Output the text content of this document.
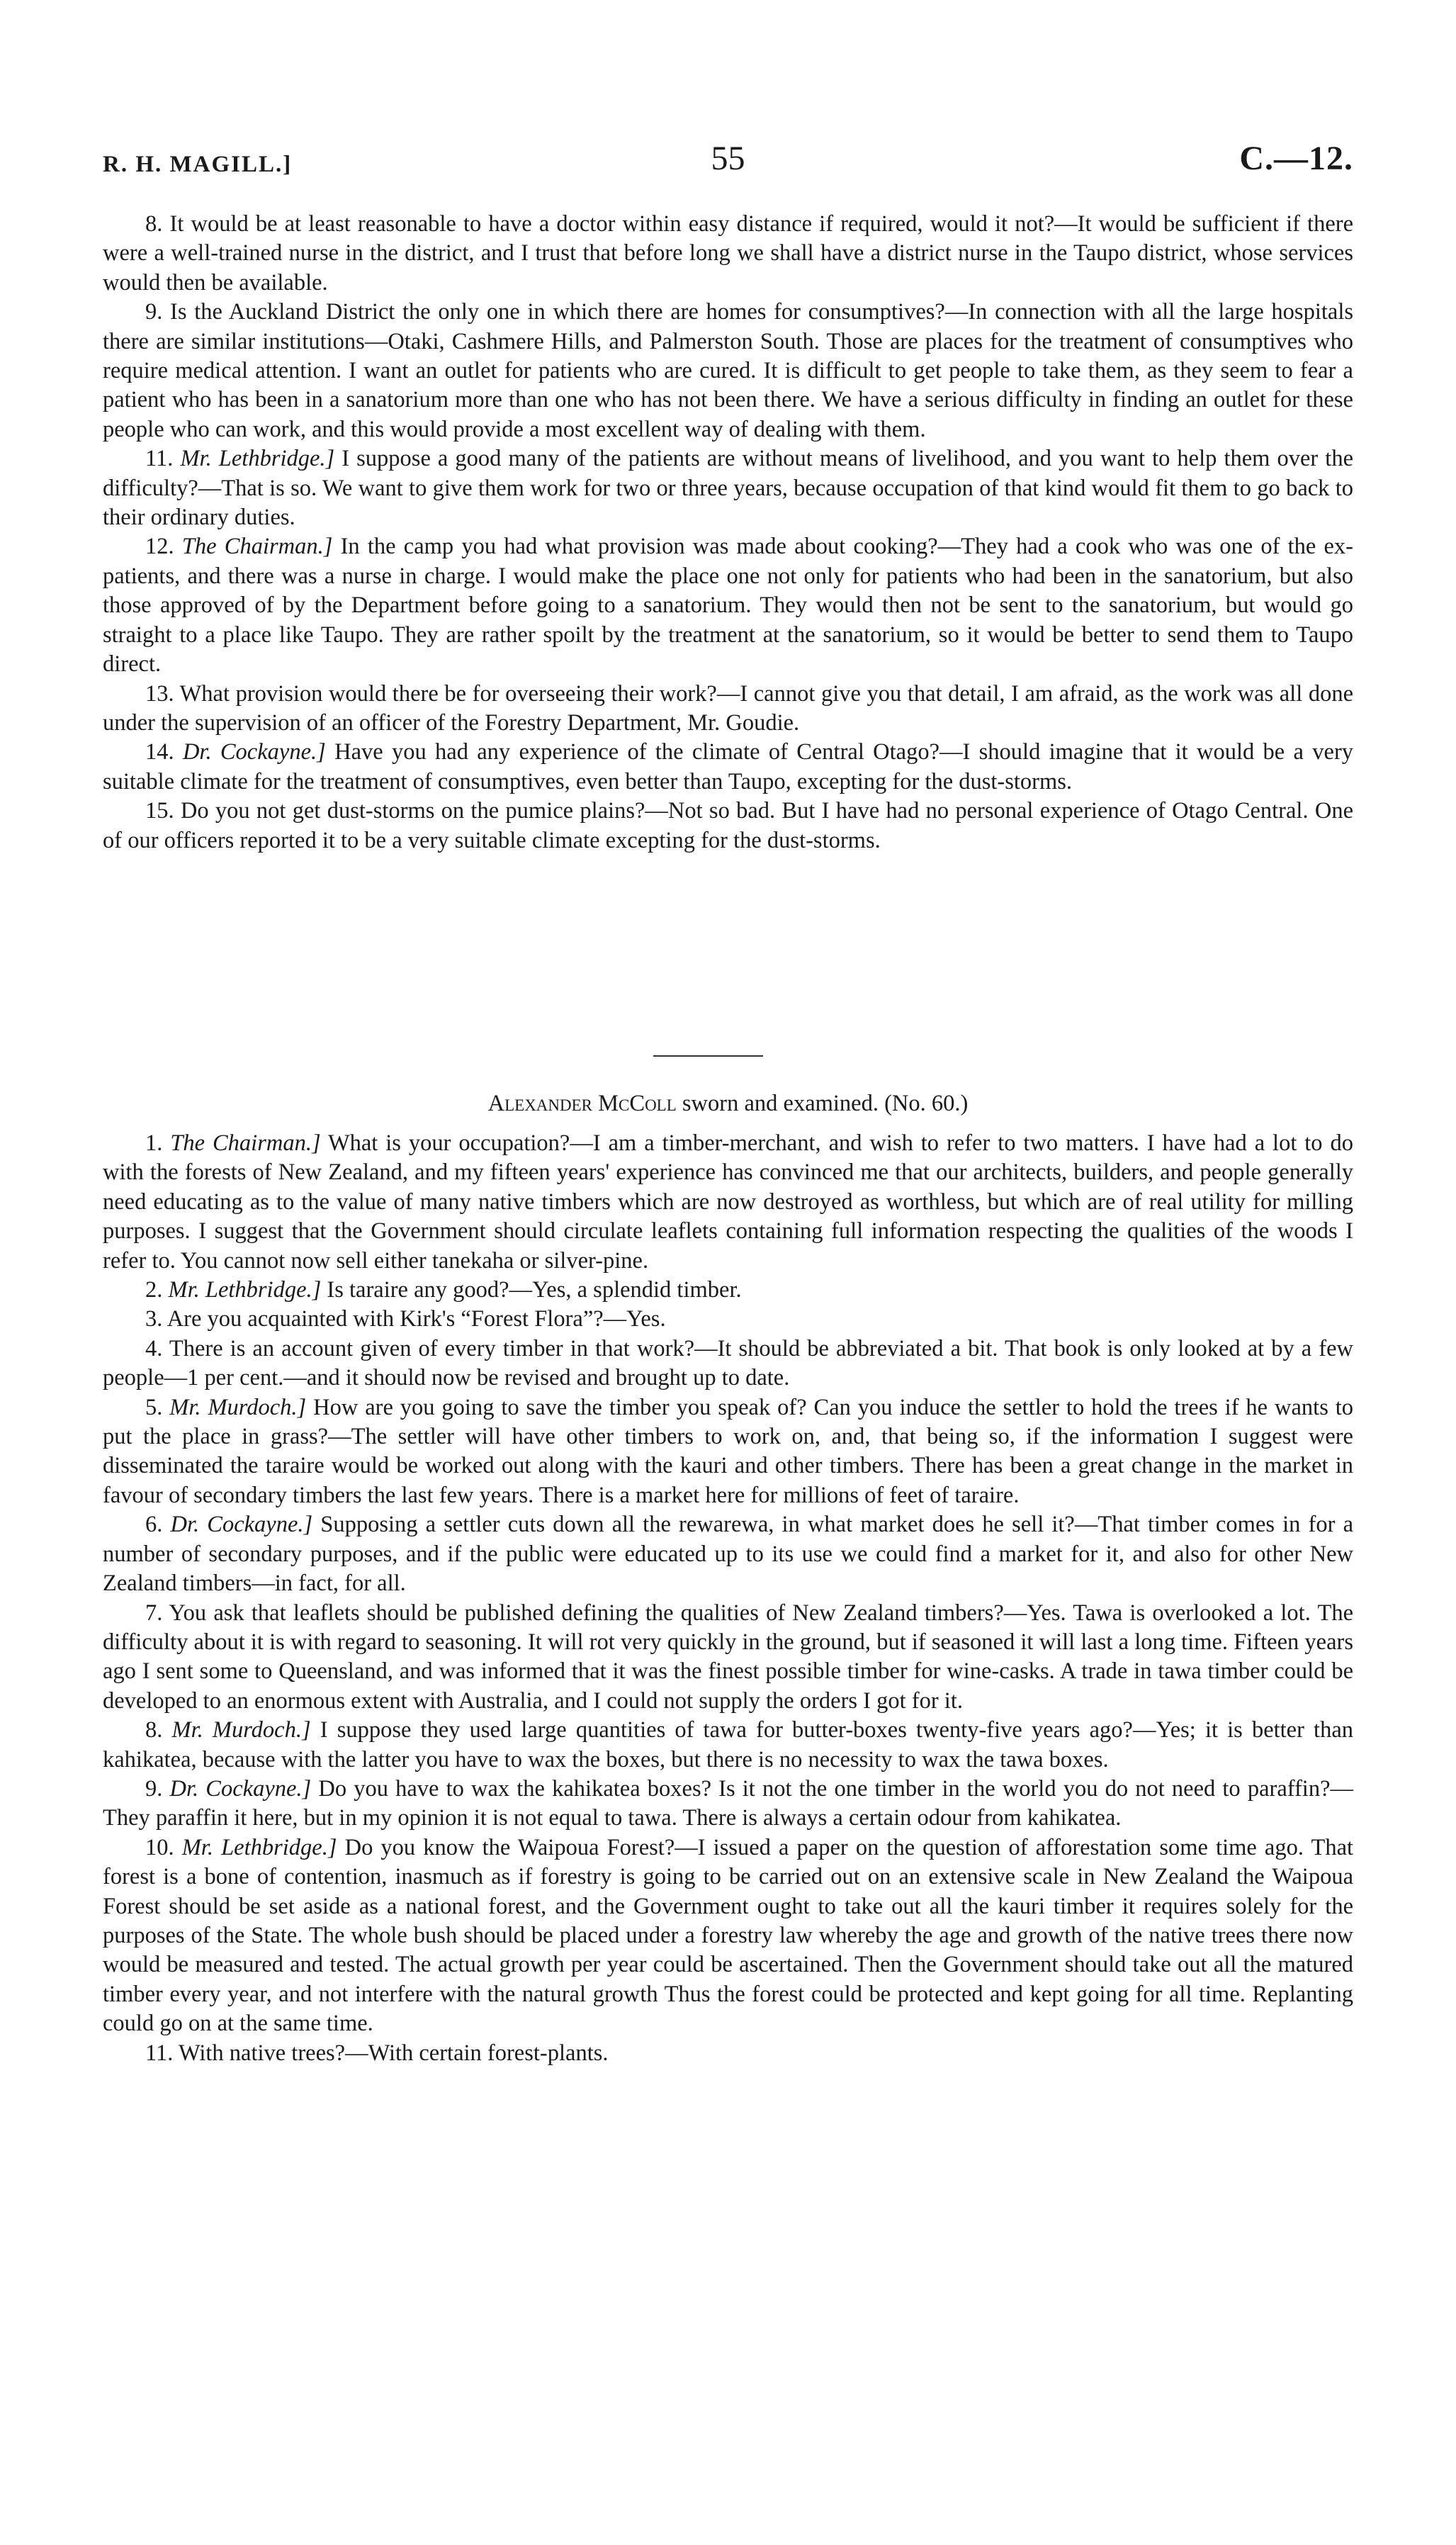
R. H. MAGILL.]	55	C.—12.

8. It would be at least reasonable to have a doctor within easy distance if required, would it not?—It would be sufficient if there were a well-trained nurse in the district, and I trust that before long we shall have a district nurse in the Taupo district, whose services would then be available.

9. Is the Auckland District the only one in which there are homes for consumptives?—In connection with all the large hospitals there are similar institutions—Otaki, Cashmere Hills, and Palmerston South. Those are places for the treatment of consumptives who require medical attention. I want an outlet for patients who are cured. It is difficult to get people to take them, as they seem to fear a patient who has been in a sanatorium more than one who has not been there. We have a serious difficulty in finding an outlet for these people who can work, and this would provide a most excellent way of dealing with them.

11. Mr. Lethbridge.] I suppose a good many of the patients are without means of livelihood, and you want to help them over the difficulty?—That is so. We want to give them work for two or three years, because occupation of that kind would fit them to go back to their ordinary duties.

12. The Chairman.] In the camp you had what provision was made about cooking?—They had a cook who was one of the ex-patients, and there was a nurse in charge. I would make the place one not only for patients who had been in the sanatorium, but also those approved of by the Department before going to a sanatorium. They would then not be sent to the sanatorium, but would go straight to a place like Taupo. They are rather spoilt by the treatment at the sanatorium, so it would be better to send them to Taupo direct.

13. What provision would there be for overseeing their work?—I cannot give you that detail, I am afraid, as the work was all done under the supervision of an officer of the Forestry Department, Mr. Goudie.

14. Dr. Cockayne.] Have you had any experience of the climate of Central Otago?—I should imagine that it would be a very suitable climate for the treatment of consumptives, even better than Taupo, excepting for the dust-storms.

15. Do you not get dust-storms on the pumice plains?—Not so bad. But I have had no personal experience of Otago Central. One of our officers reported it to be a very suitable climate excepting for the dust-storms.

Alexander McColl sworn and examined. (No. 60.)

1. The Chairman.] What is your occupation?—I am a timber-merchant, and wish to refer to two matters. I have had a lot to do with the forests of New Zealand, and my fifteen years' experience has convinced me that our architects, builders, and people generally need educating as to the value of many native timbers which are now destroyed as worthless, but which are of real utility for milling purposes. I suggest that the Government should circulate leaflets containing full information respecting the qualities of the woods I refer to. You cannot now sell either tanekaha or silver-pine.

2. Mr. Lethbridge.] Is taraire any good?—Yes, a splendid timber.

3. Are you acquainted with Kirk's “Forest Flora”?—Yes.

4. There is an account given of every timber in that work?—It should be abbreviated a bit. That book is only looked at by a few people—1 per cent.—and it should now be revised and brought up to date.

5. Mr. Murdoch.] How are you going to save the timber you speak of? Can you induce the settler to hold the trees if he wants to put the place in grass?—The settler will have other timbers to work on, and, that being so, if the information I suggest were disseminated the taraire would be worked out along with the kauri and other timbers. There has been a great change in the market in favour of secondary timbers the last few years. There is a market here for millions of feet of taraire.

6. Dr. Cockayne.] Supposing a settler cuts down all the rewarewa, in what market does he sell it?—That timber comes in for a number of secondary purposes, and if the public were educated up to its use we could find a market for it, and also for other New Zealand timbers—in fact, for all.

7. You ask that leaflets should be published defining the qualities of New Zealand timbers?—Yes. Tawa is overlooked a lot. The difficulty about it is with regard to seasoning. It will rot very quickly in the ground, but if seasoned it will last a long time. Fifteen years ago I sent some to Queensland, and was informed that it was the finest possible timber for wine-casks. A trade in tawa timber could be developed to an enormous extent with Australia, and I could not supply the orders I got for it.

8. Mr. Murdoch.] I suppose they used large quantities of tawa for butter-boxes twenty-five years ago?—Yes; it is better than kahikatea, because with the latter you have to wax the boxes, but there is no necessity to wax the tawa boxes.

9. Dr. Cockayne.] Do you have to wax the kahikatea boxes? Is it not the one timber in the world you do not need to paraffin?—They paraffin it here, but in my opinion it is not equal to tawa. There is always a certain odour from kahikatea.

10. Mr. Lethbridge.] Do you know the Waipoua Forest?—I issued a paper on the question of afforestation some time ago. That forest is a bone of contention, inasmuch as if forestry is going to be carried out on an extensive scale in New Zealand the Waipoua Forest should be set aside as a national forest, and the Government ought to take out all the kauri timber it requires solely for the purposes of the State. The whole bush should be placed under a forestry law whereby the age and growth of the native trees there now would be measured and tested. The actual growth per year could be ascertained. Then the Government should take out all the matured timber every year, and not interfere with the natural growth Thus the forest could be protected and kept going for all time. Replanting could go on at the same time.

11. With native trees?—With certain forest-plants.
